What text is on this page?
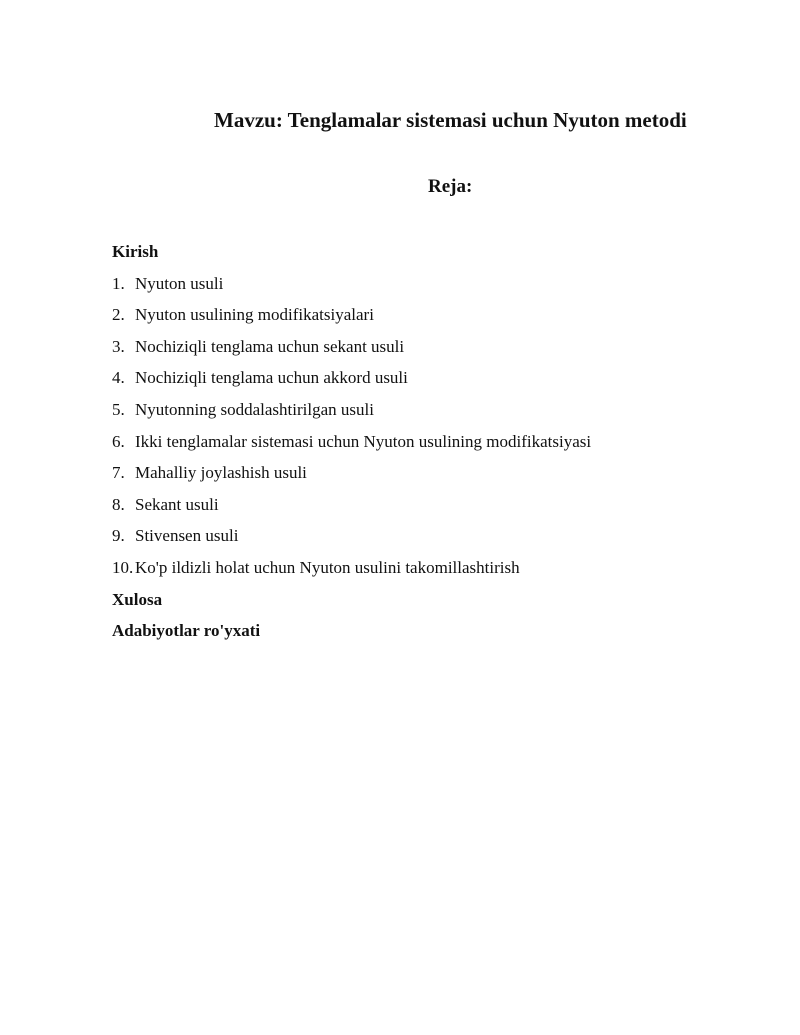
Mavzu: Tenglamalar sistemasi uchun Nyuton metodi
Reja:
Kirish
1. Nyuton usuli
2. Nyuton usulining modifikatsiyalari
3. Nochiziqli tenglama uchun sekant usuli
4. Nochiziqli tenglama uchun akkord usuli
5. Nyutonning soddalashtirilgan usuli
6. Ikki tenglamalar sistemasi uchun Nyuton usulining modifikatsiyasi
7. Mahalliy joylashish usuli
8. Sekant usuli
9. Stivensen usuli
10. Ko'p ildizli holat uchun Nyuton usulini takomillashtirish
Xulosa
Adabiyotlar ro'yxati
